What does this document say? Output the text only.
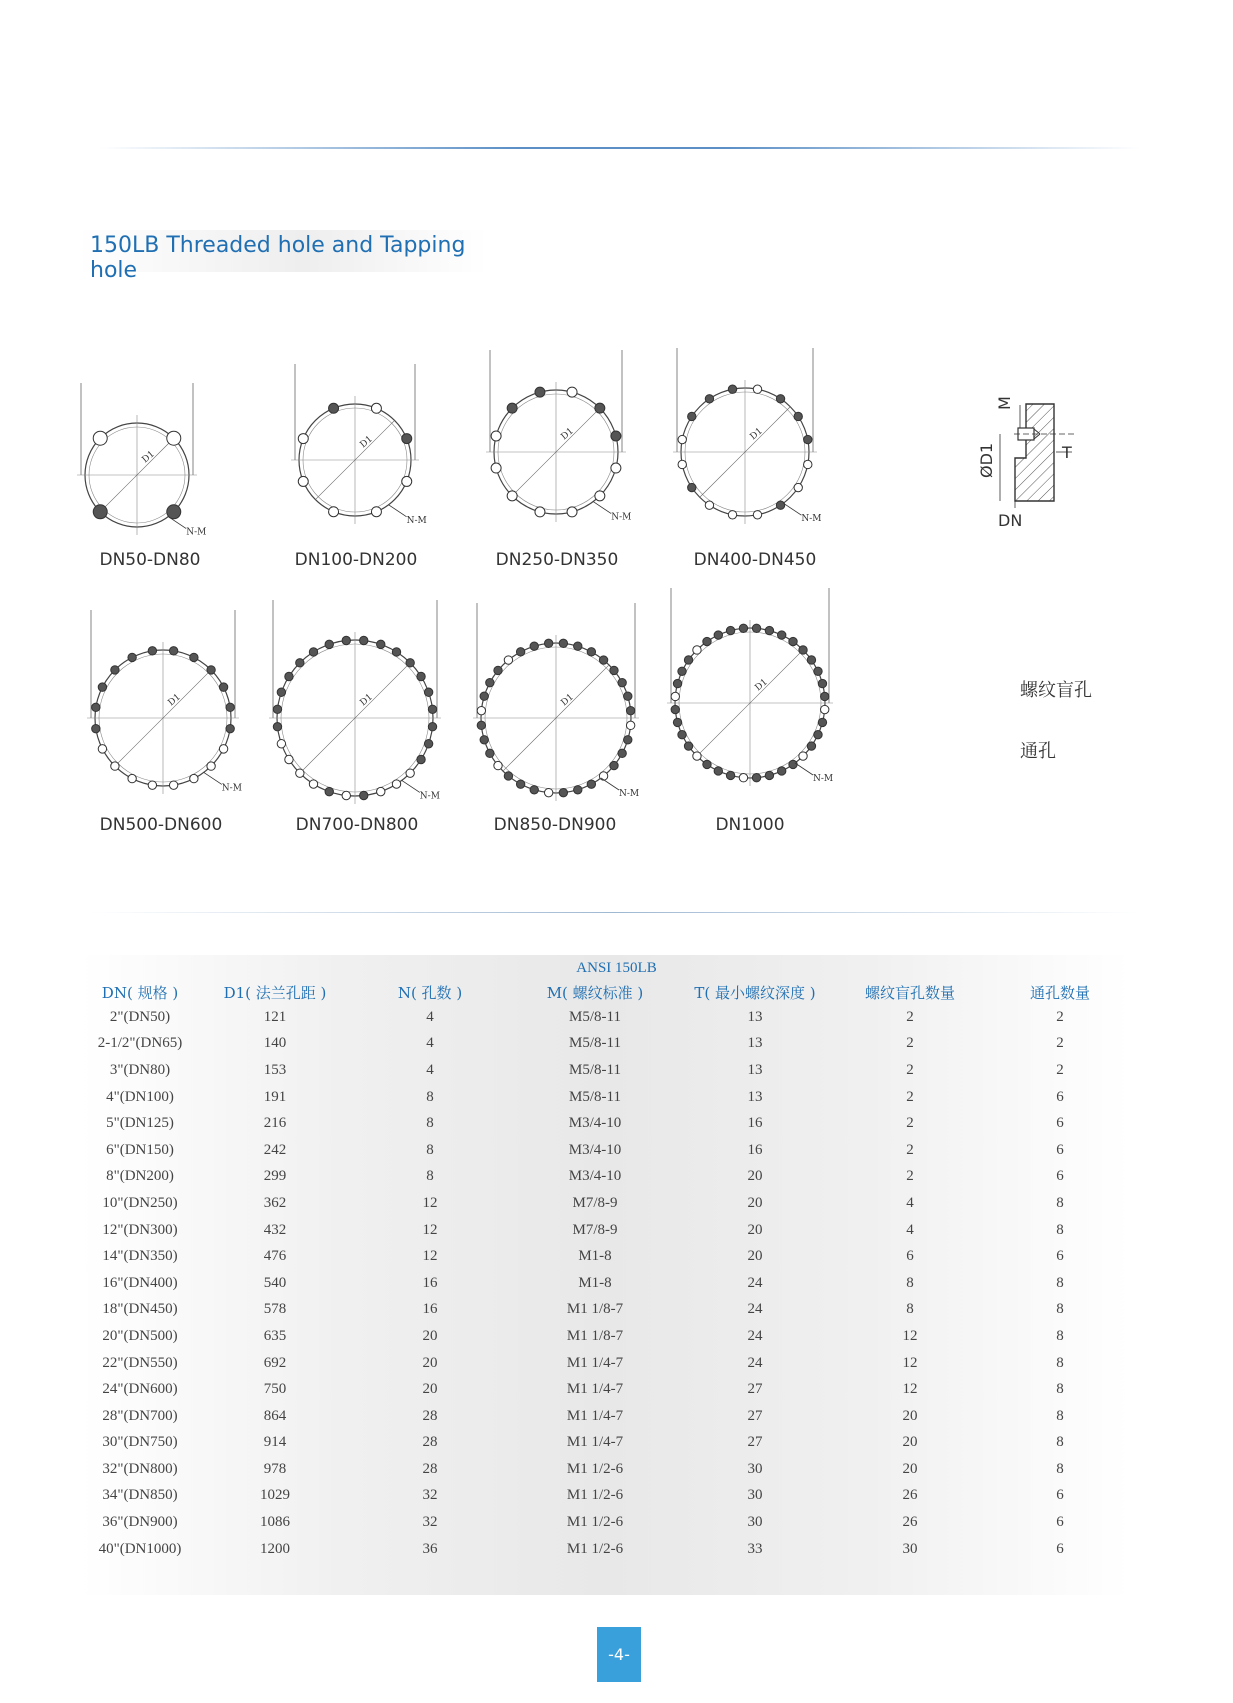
150LB Threaded hole and Tapping hole
D1
N-M
D1
N-M
D1
N-M
D1
N-M
D1
N-M
D1
N-M
D1
N-M
D1
N-M
DN50-DN80	DN100-DN200	DN250-DN350	DN400-DN450
DN500-DN600	DN700-DN800	DN850-DN900	DN1000
M
ØD1	T
DN
螺纹盲孔
通孔
ANSI 150LB
DN( 规格 )	D1( 法兰孔距 )	N( 孔数 )	M( 螺纹标准 )	T( 最小螺纹深度 )	螺纹盲孔数量	通孔数量
2"(DN50)	121	4	M5/8-11	13	2	2
2-1/2"(DN65)	140	4	M5/8-11	13	2	2
3"(DN80)	153	4	M5/8-11	13	2	2
4"(DN100)	191	8	M5/8-11	13	2	6
5"(DN125)	216	8	M3/4-10	16	2	6
6"(DN150)	242	8	M3/4-10	16	2	6
8"(DN200)	299	8	M3/4-10	20	2	6
10"(DN250)	362	12	M7/8-9	20	4	8
12"(DN300)	432	12	M7/8-9	20	4	8
14"(DN350)	476	12	M1-8	20	6	6
16"(DN400)	540	16	M1-8	24	8	8
18"(DN450)	578	16	M1 1/8-7	24	8	8
20"(DN500)	635	20	M1 1/8-7	24	12	8
22"(DN550)	692	20	M1 1/4-7	24	12	8
24"(DN600)	750	20	M1 1/4-7	27	12	8
28"(DN700)	864	28	M1 1/4-7	27	20	8
30"(DN750)	914	28	M1 1/4-7	27	20	8
32"(DN800)	978	28	M1 1/2-6	30	20	8
34"(DN850)	1029	32	M1 1/2-6	30	26	6
36"(DN900)	1086	32	M1 1/2-6	30	26	6
40"(DN1000)	1200	36	M1 1/2-6	33	30	6
-4-
